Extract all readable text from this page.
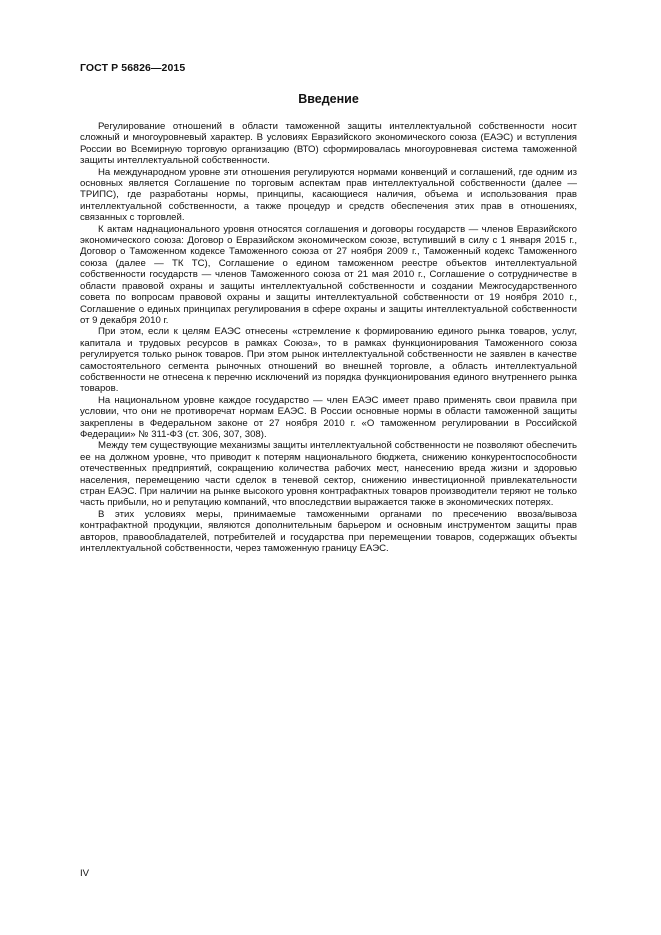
ГОСТ Р 56826—2015
Введение

Регулирование отношений в области таможенной защиты интеллектуальной собственности носит сложный и многоуровневый характер. В условиях Евразийского экономического союза (ЕАЭС) и вступления России во Всемирную торговую организацию (ВТО) сформировалась многоуровневая система таможенной защиты интеллектуальной собственности.

На международном уровне эти отношения регулируются нормами конвенций и соглашений, где одним из основных является Соглашение по торговым аспектам прав интеллектуальной собственности (далее — ТРИПС), где разработаны нормы, принципы, касающиеся наличия, объема и использования прав интеллектуальной собственности, а также процедур и средств обеспечения этих прав в отношениях, связанных с торговлей.

К актам наднационального уровня относятся соглашения и договоры государств — членов Евразийского экономического союза: Договор о Евразийском экономическом союзе, вступивший в силу с 1 января 2015 г., Договор о Таможенном кодексе Таможенного союза от 27 ноября 2009 г., Таможенный кодекс Таможенного союза (далее — ТК ТС), Соглашение о едином таможенном реестре объектов интеллектуальной собственности государств — членов Таможенного союза от 21 мая 2010 г., Соглашение о сотрудничестве в области правовой охраны и защиты интеллектуальной собственности и создании Межгосударственного совета по вопросам правовой охраны и защиты интеллектуальной собственности от 19 ноября 2010 г., Соглашение о единых принципах регулирования в сфере охраны и защиты интеллектуальной собственности от 9 декабря 2010 г.

При этом, если к целям ЕАЭС отнесены «стремление к формированию единого рынка товаров, услуг, капитала и трудовых ресурсов в рамках Союза», то в рамках функционирования Таможенного союза регулируется только рынок товаров. При этом рынок интеллектуальной собственности не заявлен в качестве самостоятельного сегмента рыночных отношений во внешней торговле, а область интеллектуальной собственности не отнесена к перечню исключений из порядка функционирования единого внутреннего рынка товаров.

На национальном уровне каждое государство — член ЕАЭС имеет право применять свои правила при условии, что они не противоречат нормам ЕАЭС. В России основные нормы в области таможенной защиты закреплены в Федеральном законе от 27 ноября 2010 г. «О таможенном регулировании в Российской Федерации» № 311-ФЗ (ст. 306, 307, 308).

Между тем существующие механизмы защиты интеллектуальной собственности не позволяют обеспечить ее на должном уровне, что приводит к потерям национального бюджета, снижению конкурентоспособности отечественных предприятий, сокращению количества рабочих мест, нанесению вреда жизни и здоровью населения, перемещению части сделок в теневой сектор, снижению инвестиционной привлекательности стран ЕАЭС. При наличии на рынке высокого уровня контрафактных товаров производители теряют не только часть прибыли, но и репутацию компаний, что впоследствии выражается также в экономических потерях.

В этих условиях меры, принимаемые таможенными органами по пресечению ввоза/вывоза контрафактной продукции, являются дополнительным барьером и основным инструментом защиты прав авторов, правообладателей, потребителей и государства при перемещении товаров, содержащих объекты интеллектуальной собственности, через таможенную границу ЕАЭС.

IV
